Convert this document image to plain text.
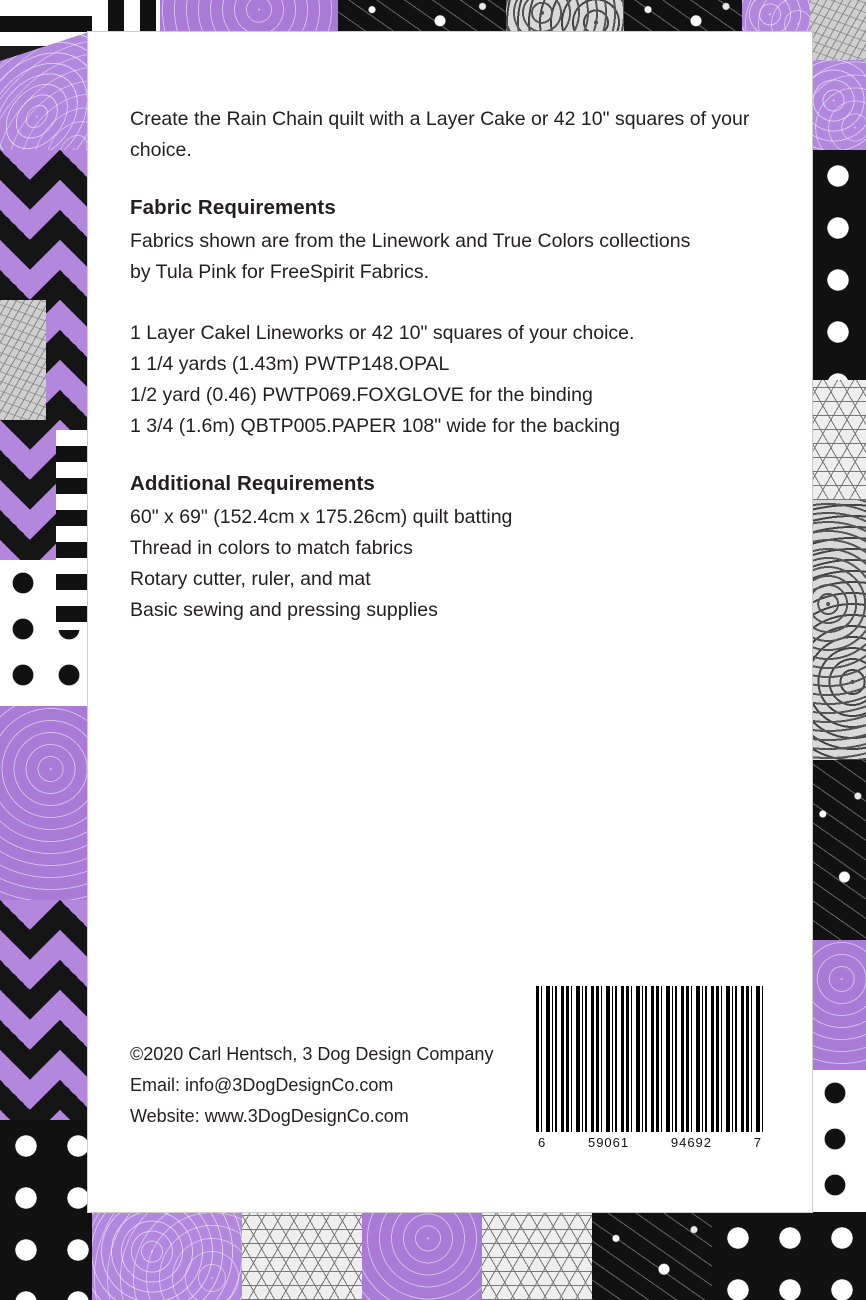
Create the Rain Chain quilt with a Layer Cake or 42 10" squares of your choice.

Fabric Requirements

Fabrics shown are from the Linework and True Colors collections

by Tula Pink for FreeSpirit Fabrics.

1 Layer Cakel Lineworks or 42 10" squares of your choice.

1 1/4 yards (1.43m) PWTP148.OPAL

1/2 yard (0.46) PWTP069.FOXGLOVE for the binding

1 3/4 (1.6m) QBTP005.PAPER 108" wide for the backing

Additional Requirements

60" x 69" (152.4cm x 175.26cm) quilt batting

Thread in colors to match fabrics

Rotary cutter, ruler, and mat

Basic sewing and pressing supplies

©2020 Carl Hentsch, 3 Dog Design Company

Email: info@3DogDesignCo.com

Website: www.3DogDesignCo.com

6	59061	94692	7
